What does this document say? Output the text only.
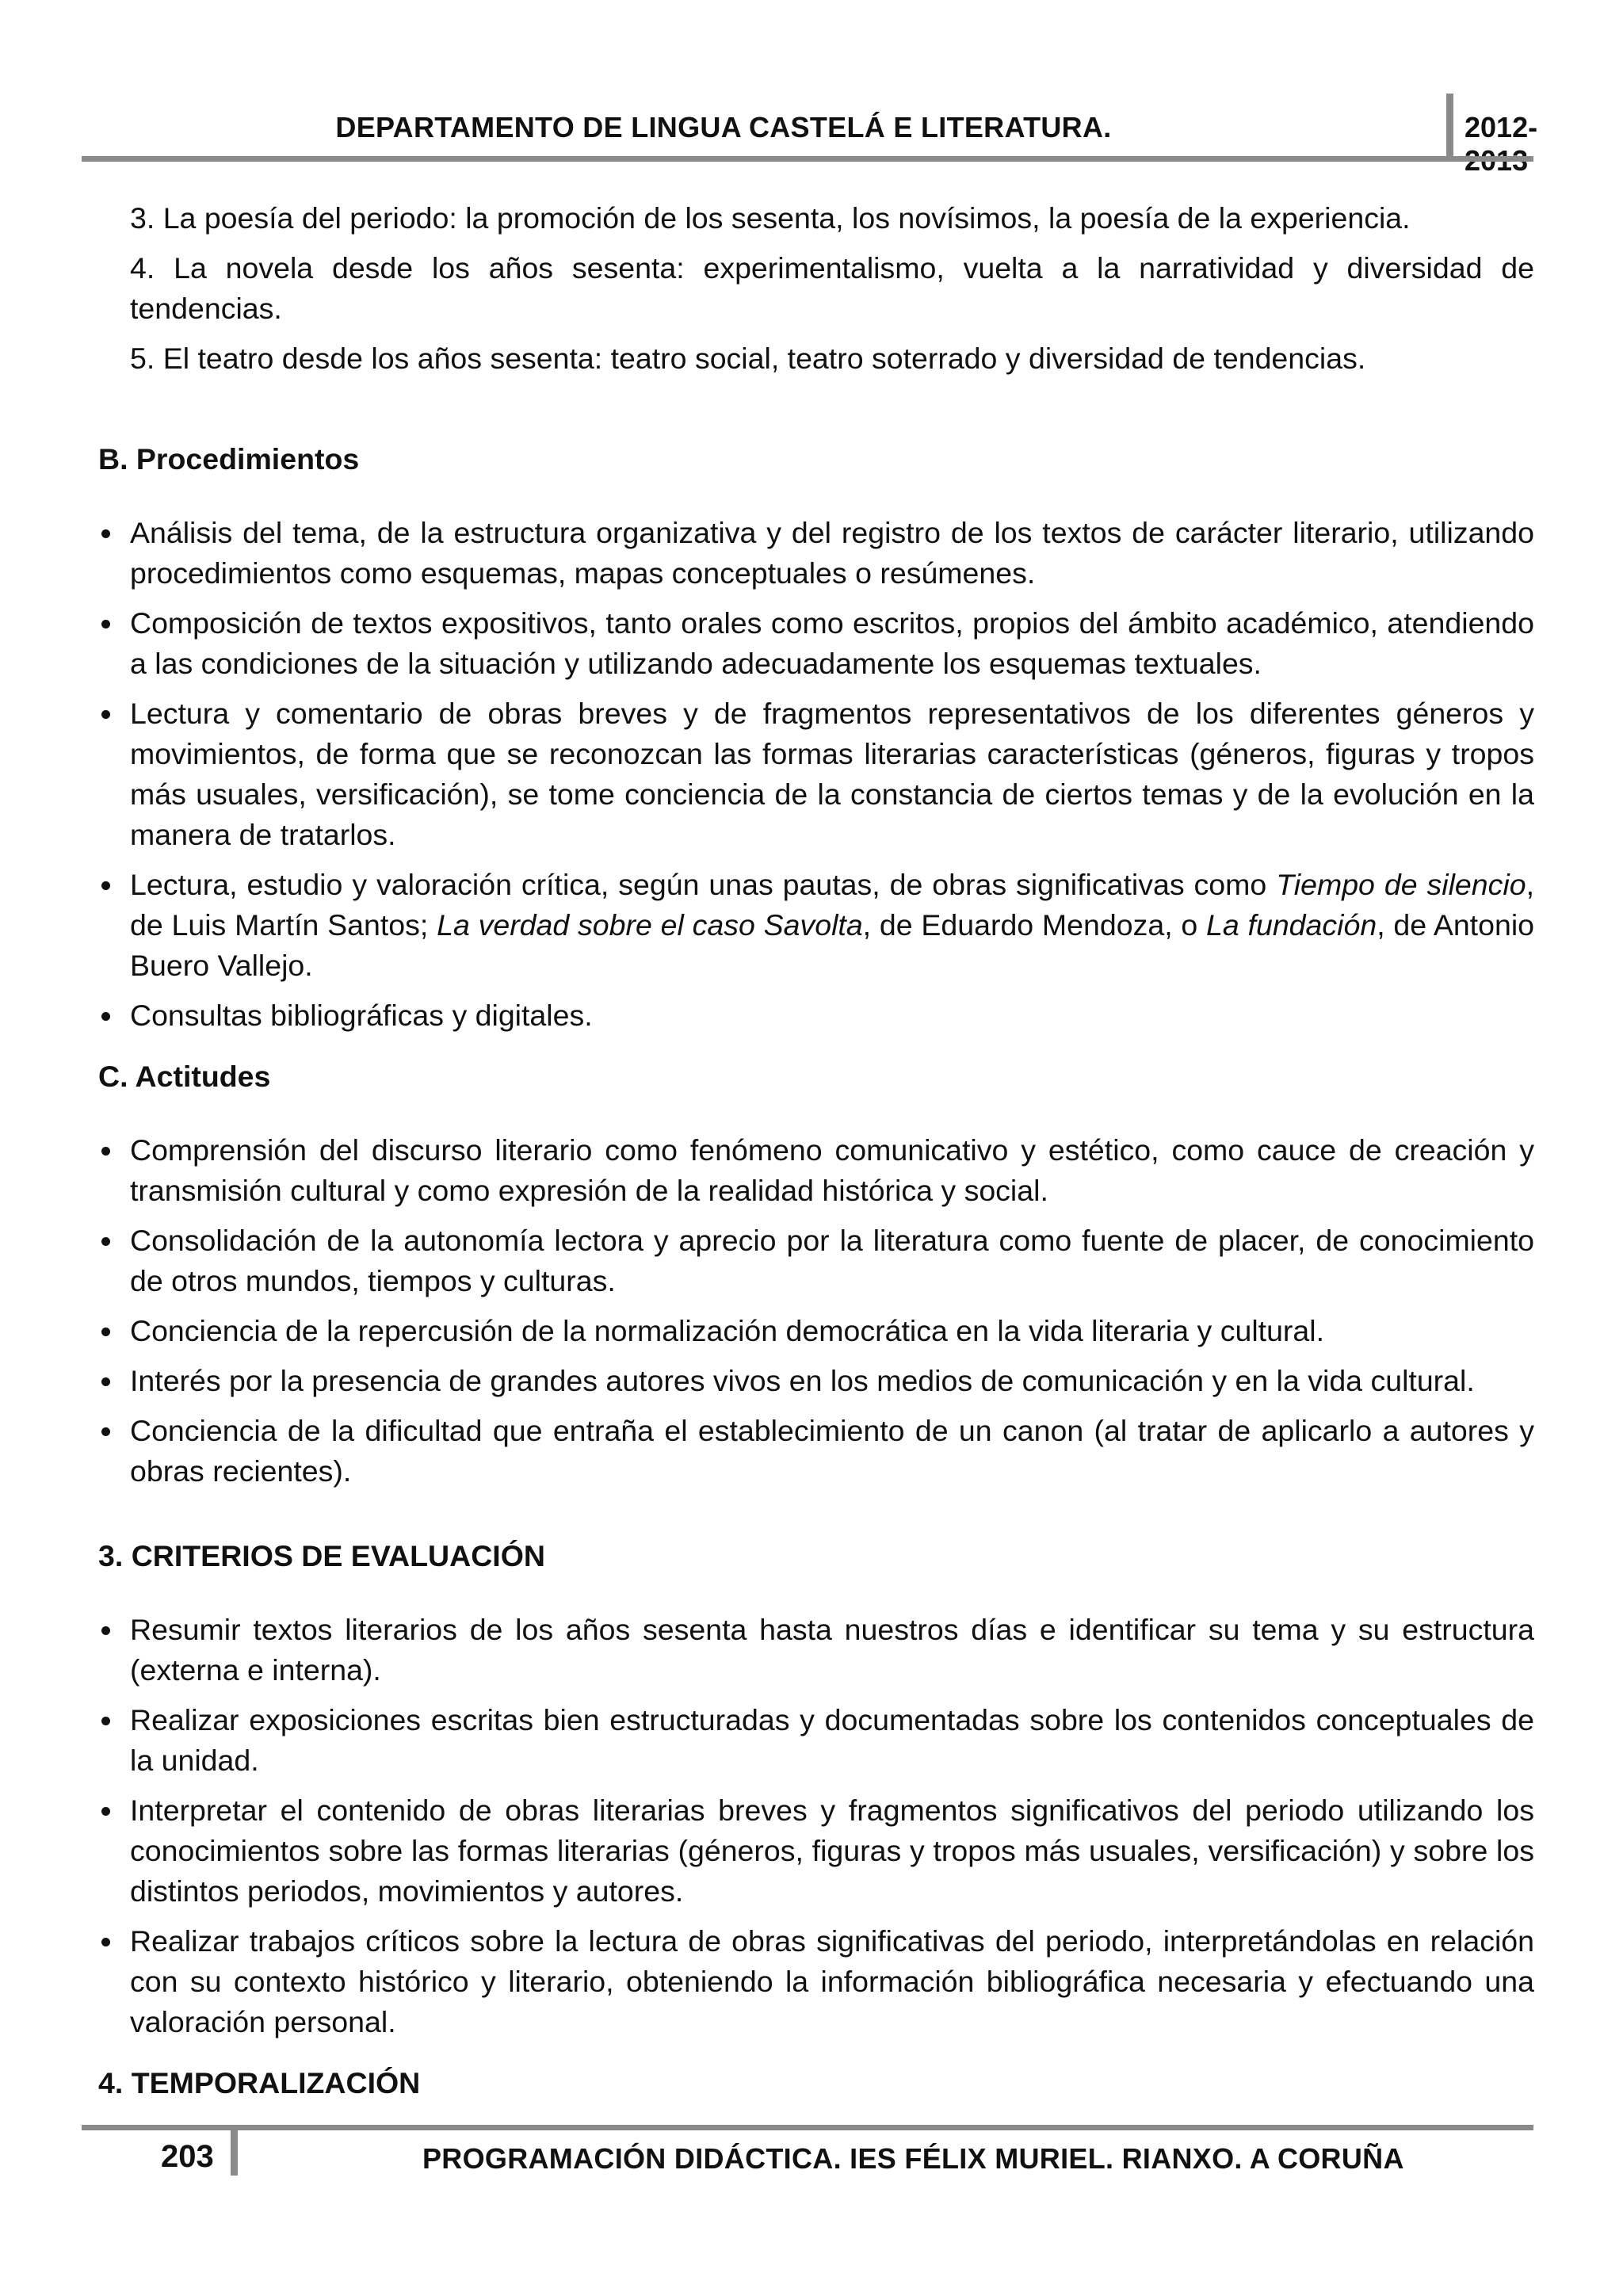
DEPARTAMENTO DE LINGUA CASTELÁ E LITERATURA.	2012-

3. La poesía del periodo: la promoción de los sesenta, los novísimos, la poesía de la experiencia.

4. La novela desde los años sesenta: experimentalismo, vuelta a la narratividad y diversidad de tendencias.

5. El teatro desde los años sesenta: teatro social, teatro soterrado y diversidad de tendencias.

B. Procedimientos

Análisis del tema, de la estructura organizativa y del registro de los textos de carácter literario, utilizando procedimientos como esquemas, mapas conceptuales o resúmenes.
Composición de textos expositivos, tanto orales como escritos, propios del ámbito académico, atendiendo a las condiciones de la situación y utilizando adecuadamente los esquemas textuales.
Lectura y comentario de obras breves y de fragmentos representativos de los diferentes géneros y movimientos, de forma que se reconozcan las formas literarias características (géneros, figuras y tropos más usuales, versificación), se tome conciencia de la constancia de ciertos temas y de la evolución en la manera de tratarlos.
Lectura, estudio y valoración crítica, según unas pautas, de obras significativas como Tiempo de silencio, de Luis Martín Santos; La verdad sobre el caso Savolta, de Eduardo Mendoza, o La fundación, de Antonio Buero Vallejo.
Consultas bibliográficas y digitales.

C. Actitudes

Comprensión del discurso literario como fenómeno comunicativo y estético, como cauce de creación y transmisión cultural y como expresión de la realidad histórica y social.
Consolidación de la autonomía lectora y aprecio por la literatura como fuente de placer, de conocimiento de otros mundos, tiempos y culturas.
Conciencia de la repercusión de la normalización democrática en la vida literaria y cultural.
Interés por la presencia de grandes autores vivos en los medios de comunicación y en la vida cultural.
Conciencia de la dificultad que entraña el establecimiento de un canon (al tratar de aplicarlo a autores y obras recientes).

3. CRITERIOS DE EVALUACIÓN

Resumir textos literarios de los años sesenta hasta nuestros días e identificar su tema y su estructura (externa e interna).
Realizar exposiciones escritas bien estructuradas y documentadas sobre los contenidos conceptuales de la unidad.
Interpretar el contenido de obras literarias breves y fragmentos significativos del periodo utilizando los conocimientos sobre las formas literarias (géneros, figuras y tropos más usuales, versificación) y sobre los distintos periodos, movimientos y autores.
Realizar trabajos críticos sobre la lectura de obras significativas del periodo, interpretándolas en relación con su contexto histórico y literario, obteniendo la información bibliográfica necesaria y efectuando una valoración personal.

4. TEMPORALIZACIÓN

203	PROGRAMACIÓN DIDÁCTICA. IES FÉLIX MURIEL. RIANXO. A CORUÑA
